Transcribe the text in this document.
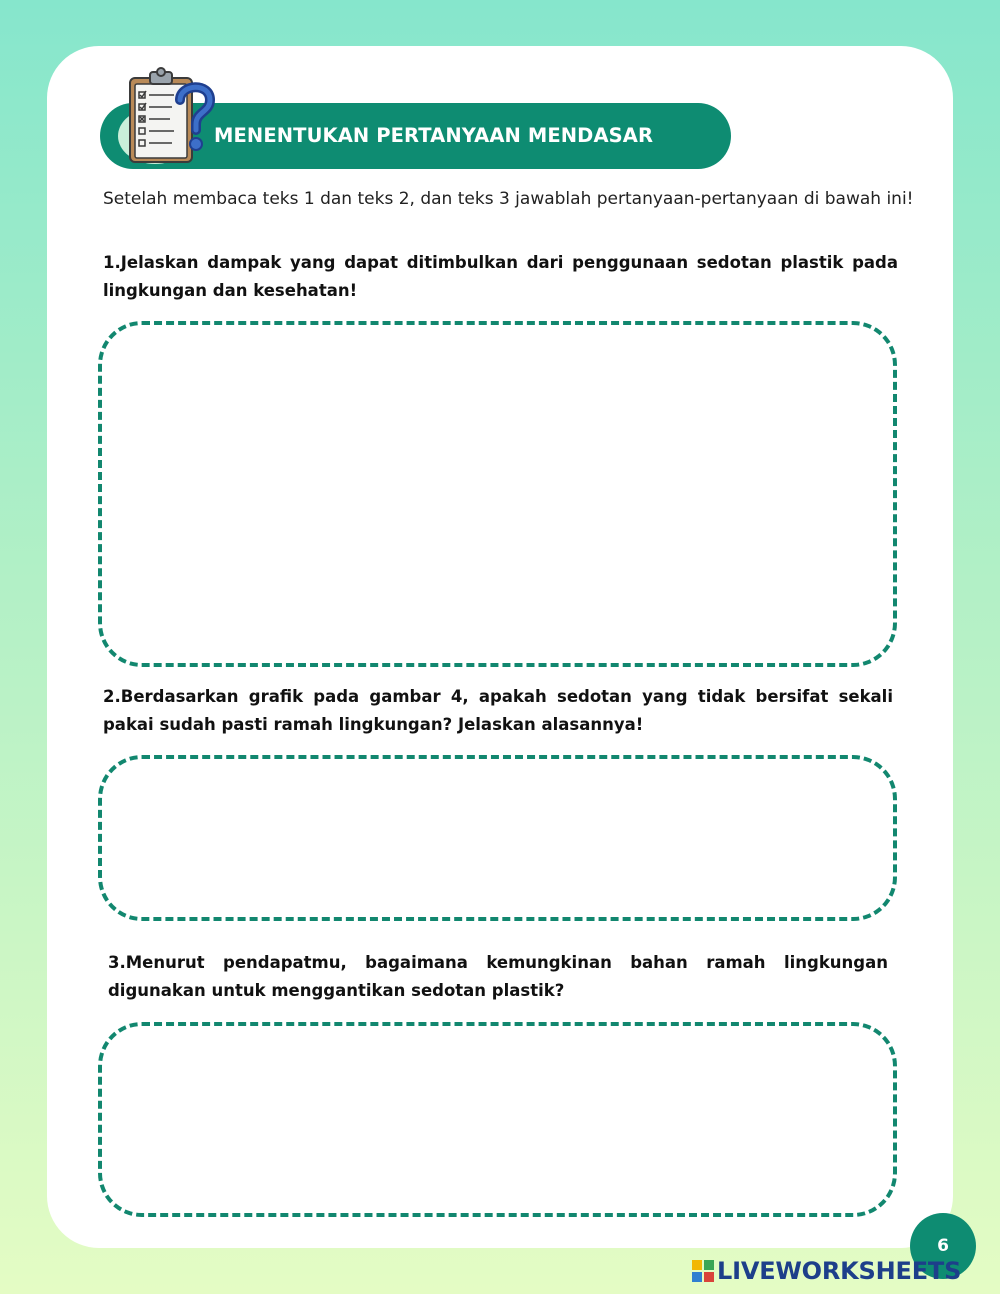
MENENTUKAN PERTANYAAN MENDASAR

Setelah membaca teks 1 dan teks 2, dan teks 3 jawablah pertanyaan-pertanyaan di bawah ini!

1.Jelaskan dampak yang dapat ditimbulkan dari penggunaan sedotan plastik pada lingkungan dan kesehatan!

2.Berdasarkan grafik pada gambar 4, apakah sedotan yang tidak bersifat sekali pakai sudah pasti ramah lingkungan? Jelaskan alasannya!

3.Menurut pendapatmu, bagaimana kemungkinan bahan ramah lingkungan digunakan untuk menggantikan sedotan plastik?

6
LIVEWORKSHEETS
